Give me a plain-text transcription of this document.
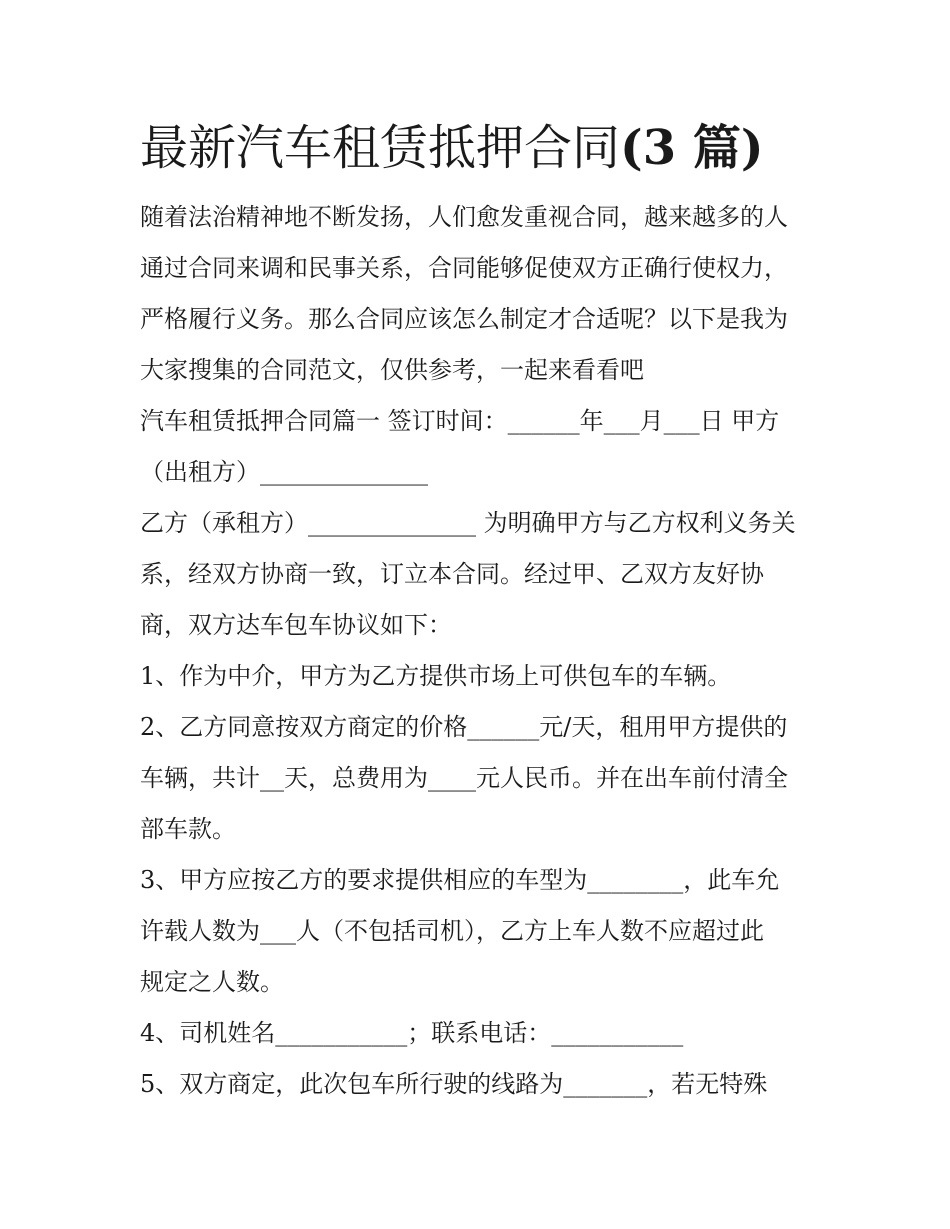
最新汽车租赁抵押合同(3 篇)

随着法治精神地不断发扬，人们愈发重视合同，越来越多的人

通过合同来调和民事关系，合同能够促使双方正确行使权力，

严格履行义务。那么合同应该怎么制定才合适呢？以下是我为

大家搜集的合同范文，仅供参考，一起来看看吧

汽车租赁抵押合同篇一 签订时间：______年___月___日 甲方

（出租方）______________

乙方（承租方）______________ 为明确甲方与乙方权利义务关

系，经双方协商一致，订立本合同。经过甲、乙双方友好协

商，双方达车包车协议如下：

1、作为中介，甲方为乙方提供市场上可供包车的车辆。

2、乙方同意按双方商定的价格______元/天，租用甲方提供的

车辆，共计__天，总费用为____元人民币。并在出车前付清全

部车款。

3、甲方应按乙方的要求提供相应的车型为________，此车允

许载人数为___人（不包括司机），乙方上车人数不应超过此

规定之人数。

4、司机姓名___________；联系电话：___________

5、双方商定，此次包车所行驶的线路为_______，若无特殊
